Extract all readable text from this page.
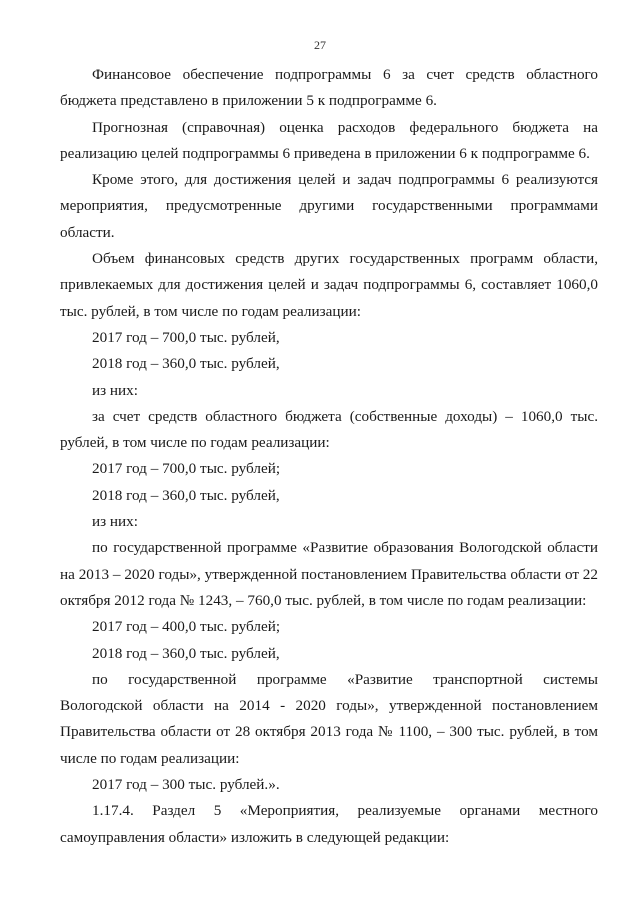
27

Финансовое обеспечение подпрограммы 6 за счет средств областного бюджета представлено в приложении 5 к подпрограмме 6.

Прогнозная (справочная) оценка расходов федерального бюджета на реализацию целей подпрограммы 6 приведена в приложении 6 к подпрограмме 6.

Кроме этого, для достижения целей и задач подпрограммы 6 реализуются мероприятия, предусмотренные другими государственными программами области.

Объем финансовых средств других государственных программ области, привлекаемых для достижения целей и задач подпрограммы 6, составляет 1060,0 тыс. рублей, в том числе по годам реализации:

2017 год – 700,0 тыс. рублей,

2018 год – 360,0 тыс. рублей,

из них:

за счет средств областного бюджета (собственные доходы) – 1060,0 тыс. рублей, в том числе по годам реализации:

2017 год – 700,0 тыс. рублей;

2018 год – 360,0 тыс. рублей,

из них:

по государственной программе «Развитие образования Вологодской области на 2013 – 2020 годы», утвержденной постановлением Правительства области от 22 октября 2012 года № 1243, – 760,0 тыс. рублей, в том числе по годам реализации:

2017 год – 400,0 тыс. рублей;

2018 год – 360,0 тыс. рублей,

по государственной программе «Развитие транспортной системы Вологодской области на 2014 - 2020 годы», утвержденной постановлением Правительства области от 28 октября 2013 года № 1100, – 300 тыс. рублей, в том числе по годам реализации:

2017 год – 300 тыс. рублей.».

1.17.4. Раздел 5 «Мероприятия, реализуемые органами местного самоуправления области» изложить в следующей редакции:
